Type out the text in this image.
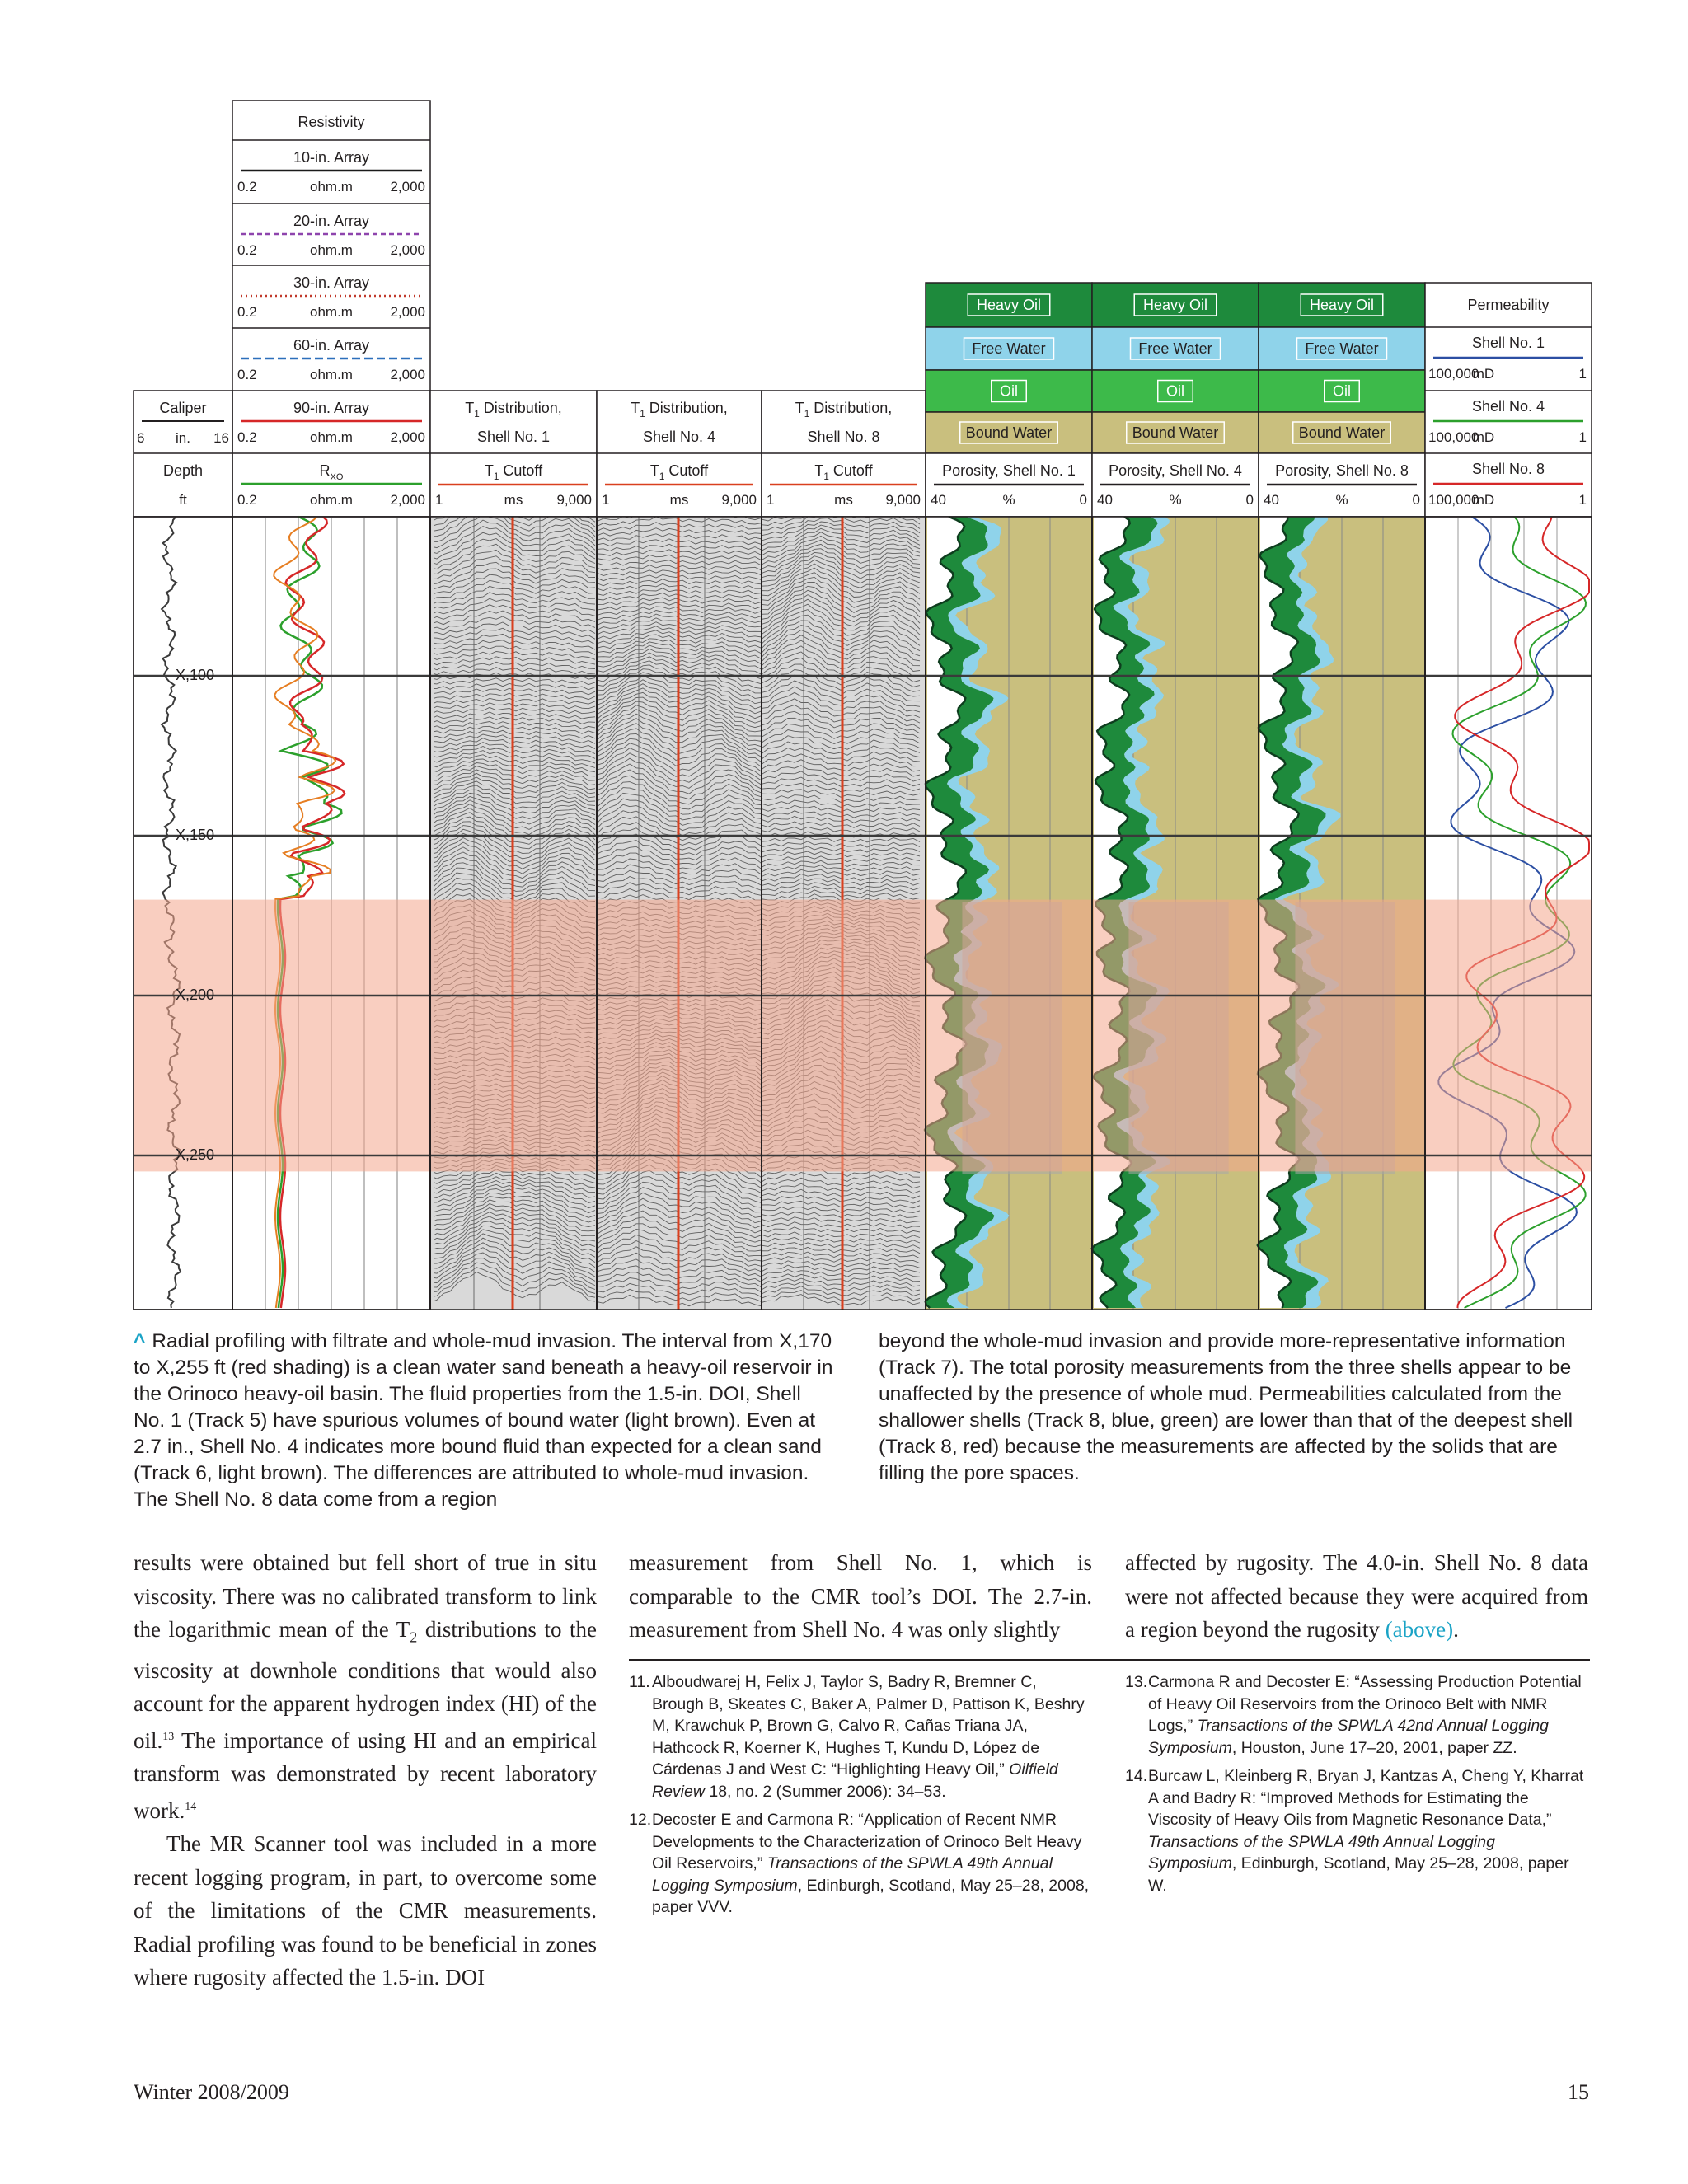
Resistivity
10-in. Array
0.2	ohm.m	2,000
20-in. Array
0.2	ohm.m	2,000
30-in. Array
0.2	ohm.m	2,000
60-in. Array
0.2	ohm.m	2,000
90-in. Array
0.2	ohm.m	2,000
$R_{XO}$
0.2	ohm.m	2,000
Caliper
6 in. 16
Depth
ft
$T_1$ Distribution,
Shell No. 1
$T_1$ Cutoff
1	ms 9,000
$T_1$ Distribution,
Shell No. 4
$T_1$ Cutoff
1	ms 9,000
$T_1$ Distribution,
Shell No. 8
$T_1$ Cutoff
1	ms 9,000
Heavy Oil
Free Water
Oil
Bound Water
Porosity, Shell No. 1
40	%	0
Heavy Oil
Free Water
Oil
Bound Water
Porosity, Shell No. 4
40	%	0
Heavy Oil
Free Water
Oil
Bound Water
Porosity, Shell No. 8
40	%	0
Permeability
Shell No. 1
100,000
mD	1
Shell No. 4
100,000
mD	1
Shell No. 8
100,000
mD	1
X,100
X,150
X,200
X,250
^ Radial profiling with filtrate and whole-mud invasion. The interval from X,170 to X,255 ft (red shading) is a clean water sand beneath a heavy-oil reservoir in the Orinoco heavy-oil basin. The fluid properties from the 1.5-in. DOI, Shell No. 1 (Track 5) have spurious volumes of bound water (light brown). Even at 2.7 in., Shell No. 4 indicates more bound fluid than expected for a clean sand (Track 6, light brown). The differences are attributed to whole-mud invasion. The Shell No. 8 data come from a region
beyond the whole-mud invasion and provide more-representative information (Track 7). The total porosity measurements from the three shells appear to be unaffected by the presence of whole mud. Permeabilities calculated from the shallower shells (Track 8, blue, green) are lower than that of the deepest shell (Track 8, red) because the measurements are affected by the solids that are filling the pore spaces.

results were obtained but fell short of true in situ viscosity. There was no calibrated transform to link the logarithmic mean of the $T_2$ distributions to the viscosity at downhole conditions that would also account for the apparent hydrogen index (HI) of the oil.$^{13}$ The importance of using HI and an empirical transform was demonstrated by recent laboratory work.$^{14}$

The MR Scanner tool was included in a more recent logging program, in part, to overcome some of the limitations of the CMR measurements. Radial profiling was found to be beneficial in zones where rugosity affected the 1.5-in. DOI

measurement from Shell No. 1, which is comparable to the CMR tool’s DOI. The 2.7-in. measurement from Shell No. 4 was only slightly

affected by rugosity. The 4.0-in. Shell No. 8 data were not affected because they were acquired from a region beyond the rugosity (above).

11. Alboudwarej H, Felix J, Taylor S, Badry R, Bremner C, Brough B, Skeates C, Baker A, Palmer D, Pattison K, Beshry M, Krawchuk P, Brown G, Calvo R, Cañas Triana JA, Hathcock R, Koerner K, Hughes T, Kundu D, López de Cárdenas J and West C: “Highlighting Heavy Oil,” Oilfield Review 18, no. 2 (Summer 2006): 34–53.
12. Decoster E and Carmona R: “Application of Recent NMR Developments to the Characterization of Orinoco Belt Heavy Oil Reservoirs,” Transactions of the SPWLA 49th Annual Logging Symposium, Edinburgh, Scotland, May 25–28, 2008, paper VVV.
13. Carmona R and Decoster E: “Assessing Production Potential of Heavy Oil Reservoirs from the Orinoco Belt with NMR Logs,” Transactions of the SPWLA 42nd Annual Logging Symposium, Houston, June 17–20, 2001, paper ZZ.
14. Burcaw L, Kleinberg R, Bryan J, Kantzas A, Cheng Y, Kharrat A and Badry R: “Improved Methods for Estimating the Viscosity of Heavy Oils from Magnetic Resonance Data,” Transactions of the SPWLA 49th Annual Logging Symposium, Edinburgh, Scotland, May 25–28, 2008, paper W.
Winter 2008/2009	15
